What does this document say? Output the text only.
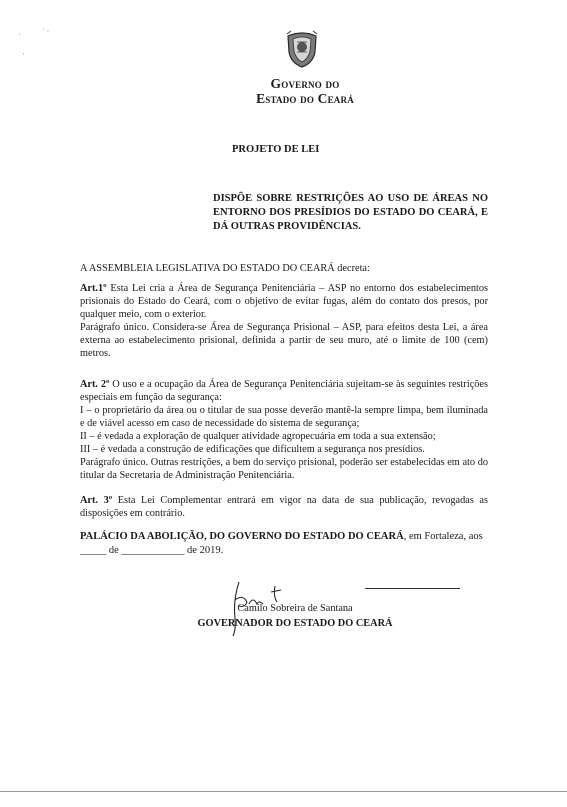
·	˙ ·
·
Governo do
Estado do Ceará
PROJETO DE LEI
DISPÕE SOBRE RESTRIÇÕES AO USO DE ÁREAS NO ENTORNO DOS PRESÍDIOS DO ESTADO DO CEARÁ, E DÁ OUTRAS PROVIDÊNCIAS.

A ASSEMBLEIA LEGISLATIVA DO ESTADO DO CEARÁ decreta:

Art.1º Esta Lei cria a Área de Segurança Penitenciária – ASP no entorno dos estabelecimentos prisionais do Estado do Ceará, com o objetivo de evitar fugas, além do contato dos presos, por qualquer meio, com o exterior.

Parágrafo único. Considera-se Área de Segurança Prisional – ASP, para efeitos desta Lei, a área externa ao estabelecimento prisional, definida a partir de seu muro, até o limite de 100 (cem) metros.

Art. 2º O uso e a ocupação da Área de Segurança Penitenciária sujeitam-se às seguintes restrições especiais em função da segurança:

I – o proprietário da área ou o titular de sua posse deverão mantê-la sempre limpa, bem iluminada e de viável acesso em caso de necessidade do sistema de segurança;

II – é vedada a exploração de qualquer atividade agropecuária em toda a sua extensão;

III – é vedada a construção de edificações que dificultem a segurança nos presídios.

Parágrafo único. Outras restrições, a bem do serviço prisional, poderão ser estabelecidas em ato do titular da Secretaria de Administração Penitenciária.

Art. 3º Esta Lei Complementar entrará em vigor na data de sua publicação, revogadas as disposições em contrário.

PALÁCIO DA ABOLIÇÃO, DO GOVERNO DO ESTADO DO CEARÁ, em Fortaleza, aos _____ de ____________ de 2019.
Camilo Sobreira de Santana
GOVERNADOR DO ESTADO DO CEARÁ
